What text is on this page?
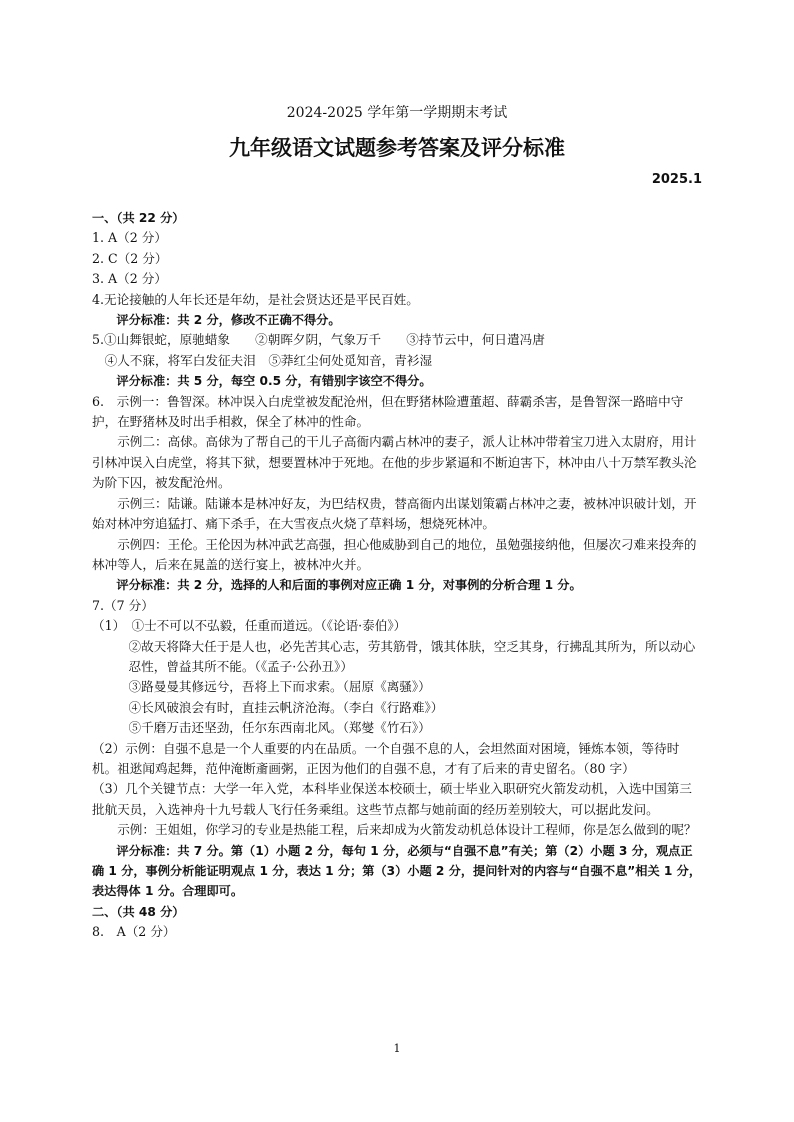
2024-2025 学年第一学期期末考试
九年级语文试题参考答案及评分标准
2025.1

一、（共 22 分）

1. A（2 分）

2. C（2 分）

3. A（2 分）

4.无论接触的人年长还是年幼，是社会贤达还是平民百姓。

评分标准：共 2 分，修改不正确不得分。

5.①山舞银蛇，原驰蜡象　　②朝晖夕阴，气象万千　　③持节云中，何日遣冯唐

④人不寐，将军白发征夫泪　⑤莽红尘何处觅知音，青衫湿

评分标准：共 5 分，每空 0.5 分，有错别字该空不得分。

6.　示例一：鲁智深。林冲误入白虎堂被发配沧州，但在野猪林险遭董超、薛霸杀害，是鲁智深一路暗中守护，在野猪林及时出手相救，保全了林冲的性命。

示例二：高俅。高俅为了帮自己的干儿子高衙内霸占林冲的妻子，派人让林冲带着宝刀进入太尉府，用计引林冲误入白虎堂，将其下狱，想要置林冲于死地。在他的步步紧逼和不断迫害下，林冲由八十万禁军教头沦为阶下囚，被发配沧州。

示例三：陆谦。陆谦本是林冲好友，为巴结权贵，替高衙内出谋划策霸占林冲之妻，被林冲识破计划，开始对林冲穷追猛打、痛下杀手，在大雪夜点火烧了草料场，想烧死林冲。

示例四：王伦。王伦因为林冲武艺高强，担心他威胁到自己的地位，虽勉强接纳他，但屡次刁难来投奔的林冲等人，后来在晁盖的送行宴上，被林冲火并。

评分标准：共 2 分，选择的人和后面的事例对应正确 1 分，对事例的分析合理 1 分。

7.（7 分）

（1）　①士不可以不弘毅，任重而道远。（《论语·泰伯》）

②故天将降大任于是人也，必先苦其心志，劳其筋骨，饿其体肤，空乏其身，行拂乱其所为，所以动心忍性，曾益其所不能。（《孟子·公孙丑》）

③路曼曼其修远兮，吾将上下而求索。（屈原《离骚》）

④长风破浪会有时，直挂云帆济沧海。（李白《行路难》）

⑤千磨万击还坚劲，任尔东西南北风。（郑燮《竹石》）

（2）示例：自强不息是一个人重要的内在品质。一个自强不息的人，会坦然面对困境，锤炼本领，等待时机。祖逖闻鸡起舞，范仲淹断齑画粥，正因为他们的自强不息，才有了后来的青史留名。（80 字）

（3）几个关键节点：大学一年入党，本科毕业保送本校硕士，硕士毕业入职研究火箭发动机，入选中国第三批航天员，入选神舟十九号载人飞行任务乘组。这些节点都与她前面的经历差别较大，可以据此发问。

示例：王姐姐，你学习的专业是热能工程，后来却成为火箭发动机总体设计工程师，你是怎么做到的呢？

评分标准：共 7 分。第（1）小题 2 分，每句 1 分，必须与“自强不息”有关；第（2）小题 3 分，观点正确 1 分，事例分析能证明观点 1 分，表达 1 分；第（3）小题 2 分，提问针对的内容与“自强不息”相关 1 分，表达得体 1 分。合理即可。

二、（共 48 分）

8.　A（2 分）

1
